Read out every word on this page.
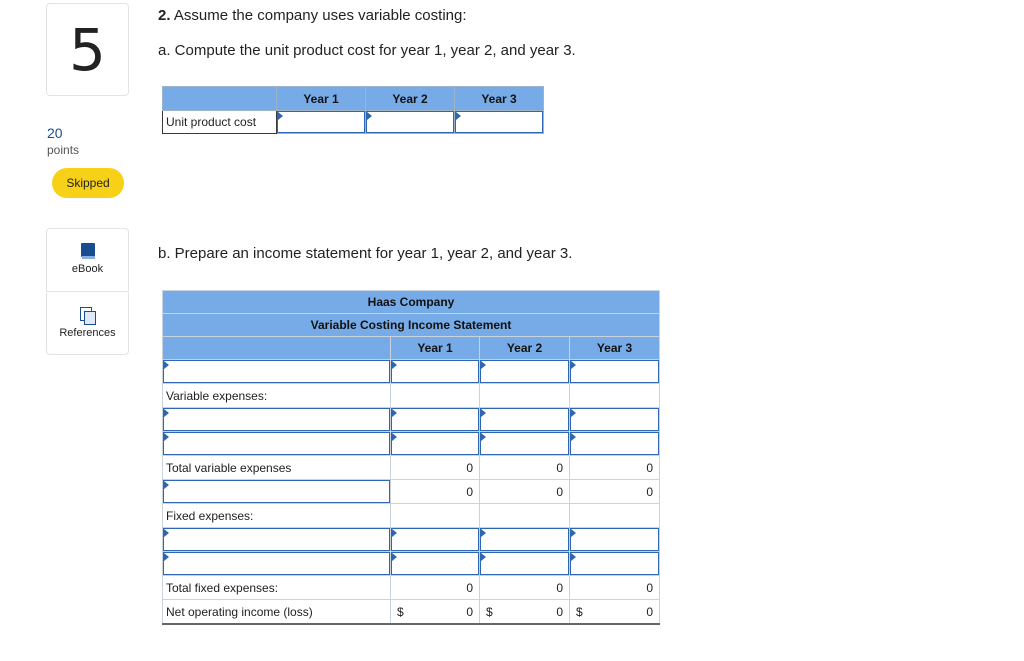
5
20
points
Skipped
eBook
References
2. Assume the company uses variable costing:
a. Compute the unit product cost for year 1, year 2, and year 3.
	Year 1	Year 2	Year 3
Unit product cost	

b. Prepare an income statement for year 1, year 2, and year 3.
Haas Company			
Variable Costing Income Statement			
	Year 1	Year 2	Year 3

Variable expenses:			

Total variable expenses	0	0	0

	0	0	0
Fixed expenses:			

Total fixed expenses:	0	0	0
Net operating income (loss)	$ 0	$ 0	$ 0
